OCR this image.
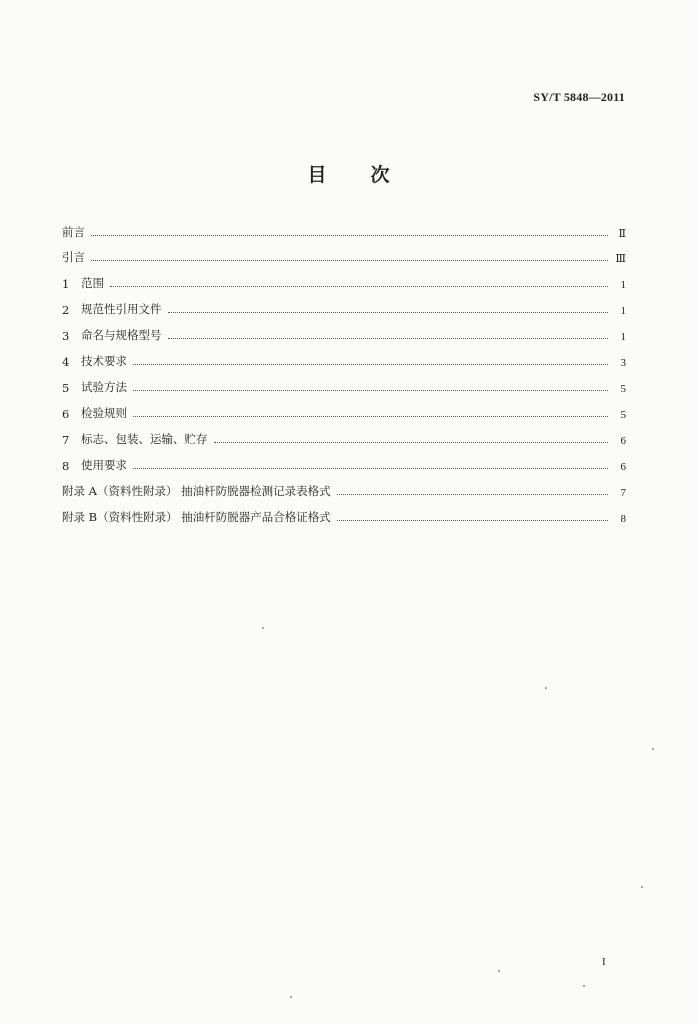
SY/T 5848—2011
目 次
前言	Ⅱ
引言	Ⅲ
1	范围	1
2	规范性引用文件	1
3	命名与规格型号	1
4	技术要求	3
5	试验方法	5
6	检验规则	5
7	标志、包装、运输、贮存	6
8	使用要求	6
附录 A（资料性附录） 抽油杆防脱器检测记录表格式	7
附录 B（资料性附录） 抽油杆防脱器产品合格证格式	8
I
